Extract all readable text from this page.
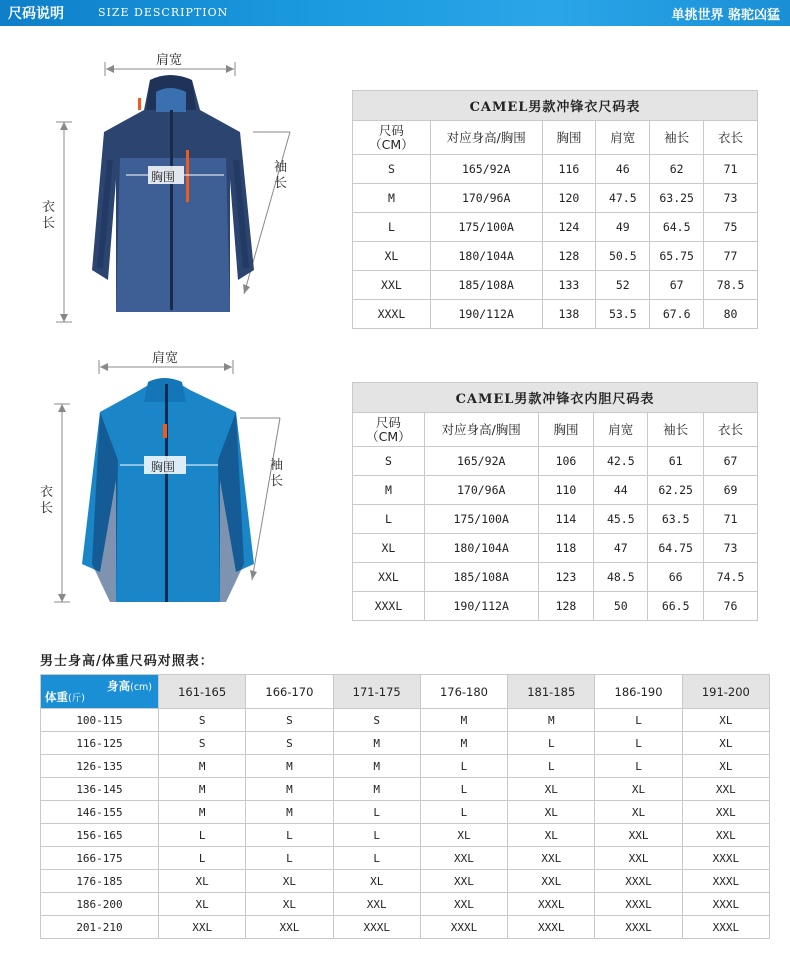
尺码说明	SIZE DESCRIPTION	单挑世界 骆驼凶猛
肩宽
胸围
衣长
袖长
CAMEL男款冲锋衣尺码表					
尺码
（CM）	对应身高/胸围	胸围	肩宽	袖长	衣长
S	165/92A	116	46	62	71
M	170/96A	120	47.5	63.25	73
L	175/100A	124	49	64.5	75
XL	180/104A	128	50.5	65.75	77
XXL	185/108A	133	52	67	78.5
XXXL	190/112A	138	53.5	67.6	80
肩宽
胸围
衣长
袖长
CAMEL男款冲锋衣内胆尺码表					
尺码
（CM）	对应身高/胸围	胸围	肩宽	袖长	衣长
S	165/92A	106	42.5	61	67
M	170/96A	110	44	62.25	69
L	175/100A	114	45.5	63.5	71
XL	180/104A	118	47	64.75	73
XXL	185/108A	123	48.5	66	74.5
XXXL	190/112A	128	50	66.5	76
男士身高/体重尺码对照表：
身高(cm)
体重(斤)	161-165	166-170	171-175	176-180	181-185	186-190	191-200
100-115	S	S	S	M	M	L	XL
116-125	S	S	M	M	L	L	XL
126-135	M	M	M	L	L	L	XL
136-145	M	M	M	L	XL	XL	XXL
146-155	M	M	L	L	XL	XL	XXL
156-165	L	L	L	XL	XL	XXL	XXL
166-175	L	L	L	XXL	XXL	XXL	XXXL
176-185	XL	XL	XL	XXL	XXL	XXXL	XXXL
186-200	XL	XL	XXL	XXL	XXXL	XXXL	XXXL
201-210	XXL	XXL	XXXL	XXXL	XXXL	XXXL	XXXL
